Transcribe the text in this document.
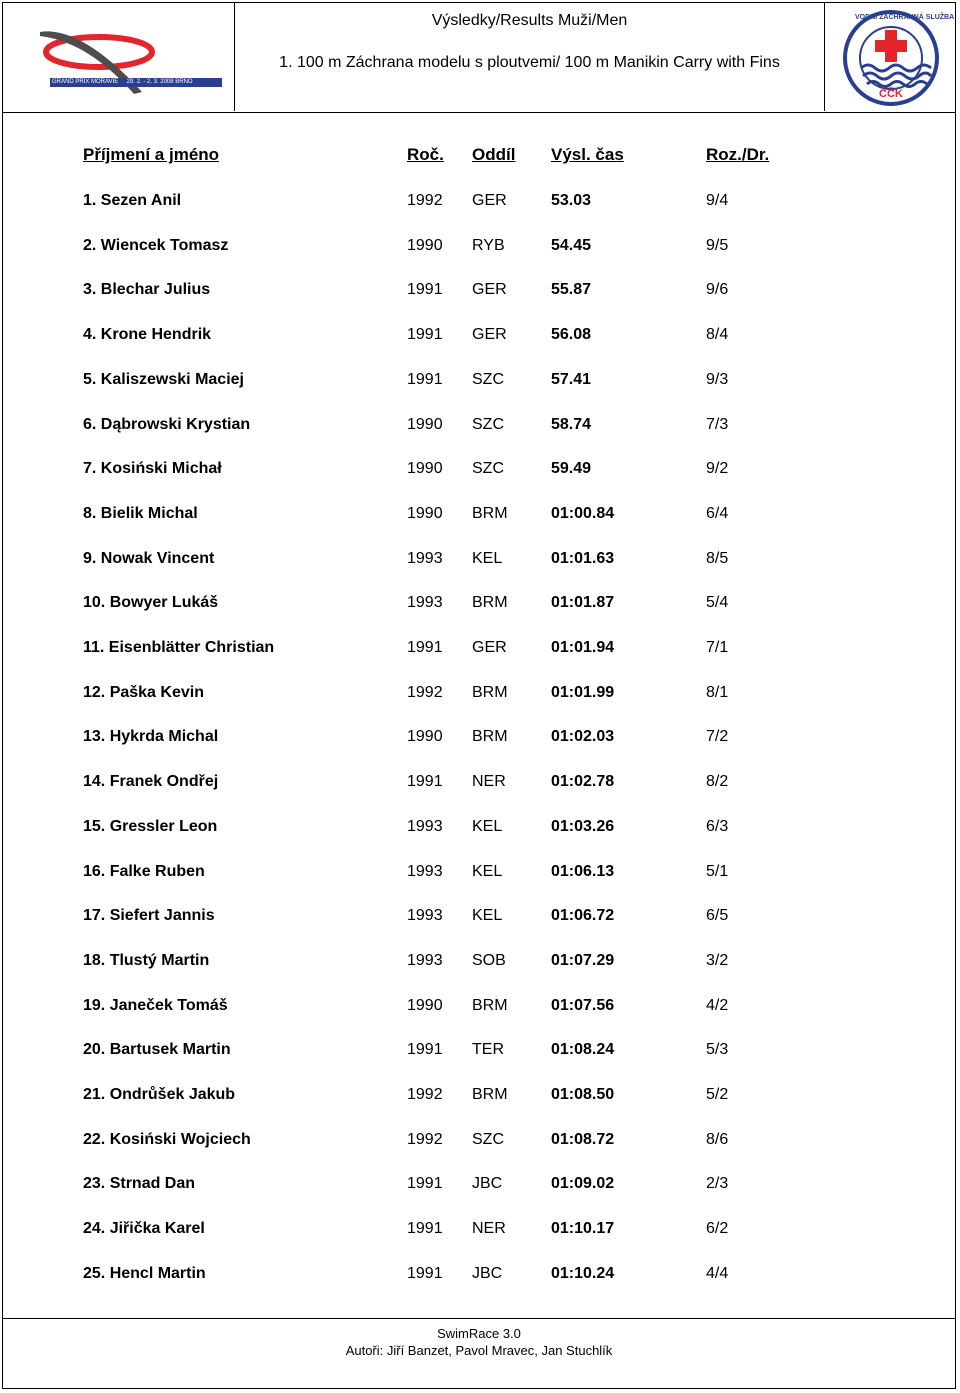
GRAND PRIX MORAVIE     29. 2. - 2. 3. 2008 BRNO
Výsledky/Results Muži/Men
1. 100 m Záchrana modelu s ploutvemi/ 100 m Manikin Carry with Fins
VODNÍ ZÁCHRANNÁ SLUŽBA
ČČK
Příjmení a jméno	Roč. Oddíl Výsl. čas	Roz./Dr.
1. Sezen Anil	1992 GER	53.03	9/4
2. Wiencek Tomasz	1990 RYB	54.45	9/5
3. Blechar Julius	1991 GER	55.87	9/6
4. Krone Hendrik	1991 GER	56.08	8/4
5. Kaliszewski Maciej	1991 SZC	57.41	9/3
6. Dąbrowski Krystian	1990 SZC	58.74	7/3
7. Kosiński Michał	1990 SZC	59.49	9/2
8. Bielik Michal	1990 BRM	01:00.84	6/4
9. Nowak Vincent	1993 KEL	01:01.63	8/5
10. Bowyer Lukáš	1993 BRM	01:01.87	5/4
11. Eisenblätter Christian	1991 GER	01:01.94	7/1
12. Paška Kevin	1992 BRM	01:01.99	8/1
13. Hykrda Michal	1990 BRM	01:02.03	7/2
14. Franek Ondřej	1991 NER	01:02.78	8/2
15. Gressler Leon	1993 KEL	01:03.26	6/3
16. Falke Ruben	1993 KEL	01:06.13	5/1
17. Siefert Jannis	1993 KEL	01:06.72	6/5
18. Tlustý Martin	1993 SOB	01:07.29	3/2
19. Janeček Tomáš	1990 BRM	01:07.56	4/2
20. Bartusek Martin	1991 TER	01:08.24	5/3
21. Ondrůšek Jakub	1992 BRM	01:08.50	5/2
22. Kosiński Wojciech	1992 SZC	01:08.72	8/6
23. Strnad Dan	1991 JBC	01:09.02	2/3
24. Jiřička Karel	1991 NER	01:10.17	6/2
25. Hencl Martin	1991 JBC	01:10.24	4/4
SwimRace 3.0
Autoři: Jiří Banzet, Pavol Mravec, Jan Stuchlík
